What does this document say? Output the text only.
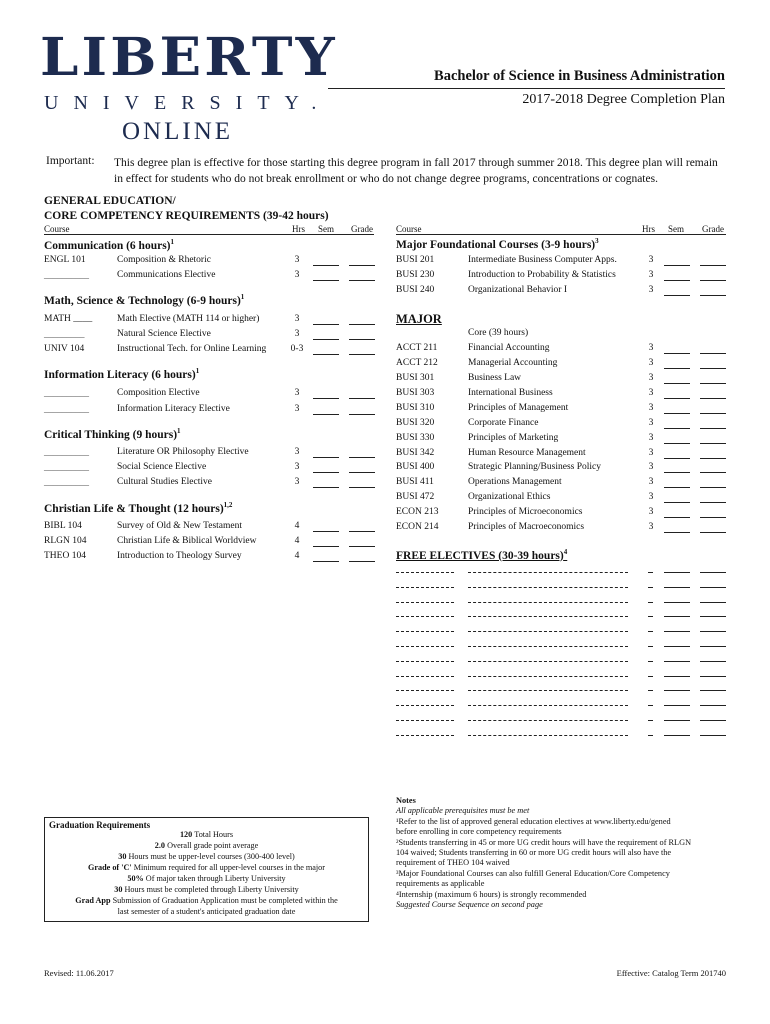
LIBERTY
UNIVERSITY.
ONLINE
Bachelor of Science in Business Administration
2017-2018 Degree Completion Plan
Important: This degree plan is effective for those starting this degree program in fall 2017 through summer 2018. This degree plan will remain in effect for students who do not break enrollment or who do not change degree programs, concentrations or cognates.
GENERAL EDUCATION/
CORE COMPETENCY REQUIREMENTS (39-42 hours)
Course	Hrs Sem Grade	Course	Hrs Sem Grade
Communication (6 hours)$^1$
ENGL 101	Composition & Rhetoric	3
__________	Communications Elective	3
Math, Science & Technology (6-9 hours)$^1$
MATH ____	Math Elective (MATH 114 or higher)	3
_________	Natural Science Elective	3
UNIV 104	Instructional Tech. for Online Learning	0-3
Information Literacy (6 hours)$^1$
__________	Composition Elective	3
__________	Information Literacy Elective	3
Critical Thinking (9 hours)$^1$
__________	Literature OR Philosophy Elective	3
__________	Social Science Elective	3
__________	Cultural Studies Elective	3
Christian Life & Thought (12 hours)$^{1,2}$
BIBL 104	Survey of Old & New Testament	4
RLGN 104	Christian Life & Biblical Worldview	4
THEO 104	Introduction to Theology Survey	4
Major Foundational Courses (3-9 hours)$^3$
BUSI 201	Intermediate Business Computer Apps.	3
BUSI 230	Introduction to Probability & Statistics	3
BUSI 240	Organizational Behavior I	3
Core (39 hours)
ACCT 211	Financial Accounting	3
ACCT 212	Managerial Accounting	3
BUSI 301	Business Law	3
BUSI 303	International Business	3
BUSI 310	Principles of Management	3
BUSI 320	Corporate Finance	3
BUSI 330	Principles of Marketing	3
BUSI 342	Human Resource Management	3
BUSI 400	Strategic Planning/Business Policy	3
BUSI 411	Operations Management	3
BUSI 472	Organizational Ethics	3
ECON 213	Principles of Microeconomics	3
ECON 214	Principles of Macroeconomics	3
FREE ELECTIVES (30-39 hours)$^4$
MAJOR
Graduation Requirements
120 Total Hours
2.0 Overall grade point average
30 Hours must be upper-level courses (300-400 level)
Grade of 'C' Minimum required for all upper-level courses in the major
50% Of major taken through Liberty University
30 Hours must be completed through Liberty University
Grad App Submission of Graduation Application must be completed within the
last semester of a student's anticipated graduation date
Notes
All applicable prerequisites must be met
¹Refer to the list of approved general education electives at www.liberty.edu/gened
before enrolling in core competency requirements
²Students transferring in 45 or more UG credit hours will have the requirement of RLGN
104 waived; Students transferring in 60 or more UG credit hours will also have the
requirement of THEO 104 waived
³Major Foundational Courses can also fulfill General Education/Core Competency
requirements as applicable
⁴Internship (maximum 6 hours) is strongly recommended
Suggested Course Sequence on second page
Revised: 11.06.2017	Effective: Catalog Term 201740
